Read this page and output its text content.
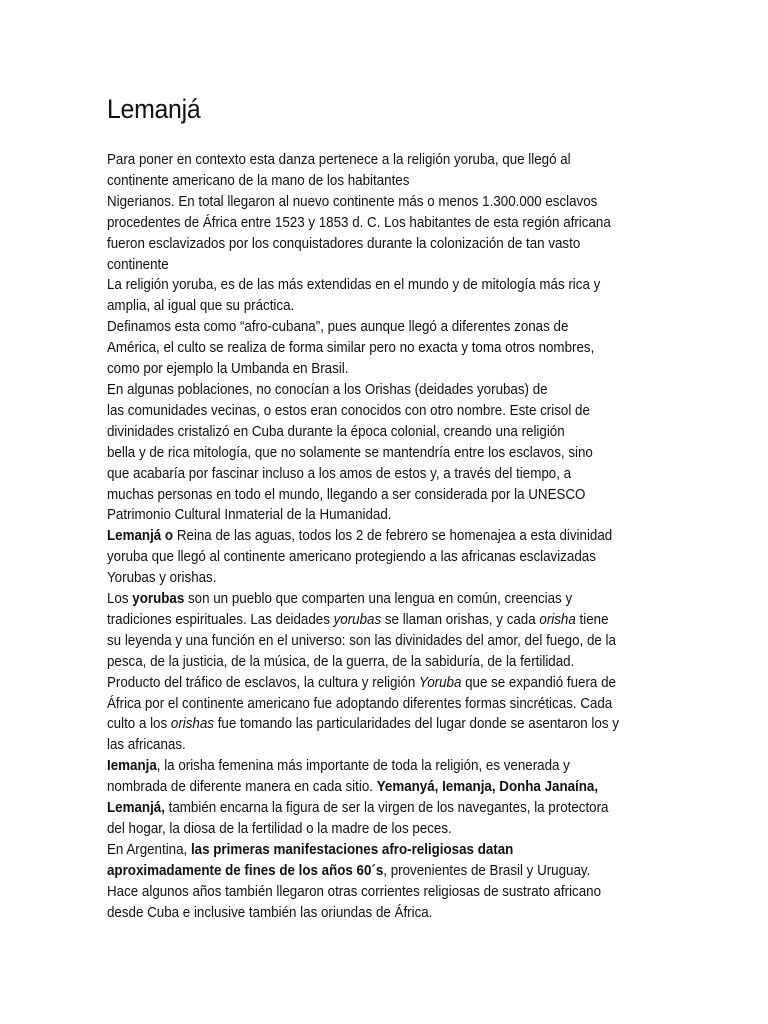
Lemanjá
Para poner en contexto esta danza pertenece a la religión yoruba, que llegó al
continente americano de la mano de los habitantes
Nigerianos. En total llegaron al nuevo continente más o menos 1.300.000 esclavos
procedentes de África entre 1523 y 1853 d. C. Los habitantes de esta región africana
fueron esclavizados por los conquistadores durante la colonización de tan vasto
continente
La religión yoruba, es de las más extendidas en el mundo y de mitología más rica y
amplia, al igual que su práctica.
Definamos esta como “afro-cubana”, pues aunque llegó a diferentes zonas de
América, el culto se realiza de forma similar pero no exacta y toma otros nombres,
como por ejemplo la Umbanda en Brasil.
En algunas poblaciones, no conocían a los Orishas (deidades yorubas) de
las comunidades vecinas, o estos eran conocidos con otro nombre. Este crisol de
divinidades cristalizó en Cuba durante la época colonial, creando una religión
bella y de rica mitología, que no solamente se mantendría entre los esclavos, sino
que acabaría por fascinar incluso a los amos de estos y, a través del tiempo, a
muchas personas en todo el mundo, llegando a ser considerada por la UNESCO
Patrimonio Cultural Inmaterial de la Humanidad.
Lemanjá o Reina de las aguas, todos los 2 de febrero se homenajea a esta divinidad
yoruba que llegó al continente americano protegiendo a las africanas esclavizadas
Yorubas y orishas.
Los yorubas son un pueblo que comparten una lengua en común, creencias y
tradiciones espirituales. Las deidades yorubas se llaman orishas, y cada orisha tiene
su leyenda y una función en el universo: son las divinidades del amor, del fuego, de la
pesca, de la justicia, de la música, de la guerra, de la sabiduría, de la fertilidad.
Producto del tráfico de esclavos, la cultura y religión Yoruba que se expandió fuera de
África por el continente americano fue adoptando diferentes formas sincréticas. Cada
culto a los orishas fue tomando las particularidades del lugar donde se asentaron los y
las africanas.
Iemanja, la orisha femenina más importante de toda la religión, es venerada y
nombrada de diferente manera en cada sitio. Yemanyá, Iemanja, Donha Janaína,
Lemanjá, también encarna la figura de ser la virgen de los navegantes, la protectora
del hogar, la diosa de la fertilidad o la madre de los peces.
En Argentina, las primeras manifestaciones afro-religiosas datan
aproximadamente de fines de los años 60´s, provenientes de Brasil y Uruguay.
Hace algunos años también llegaron otras corrientes religiosas de sustrato africano
desde Cuba e inclusive también las oriundas de África.
